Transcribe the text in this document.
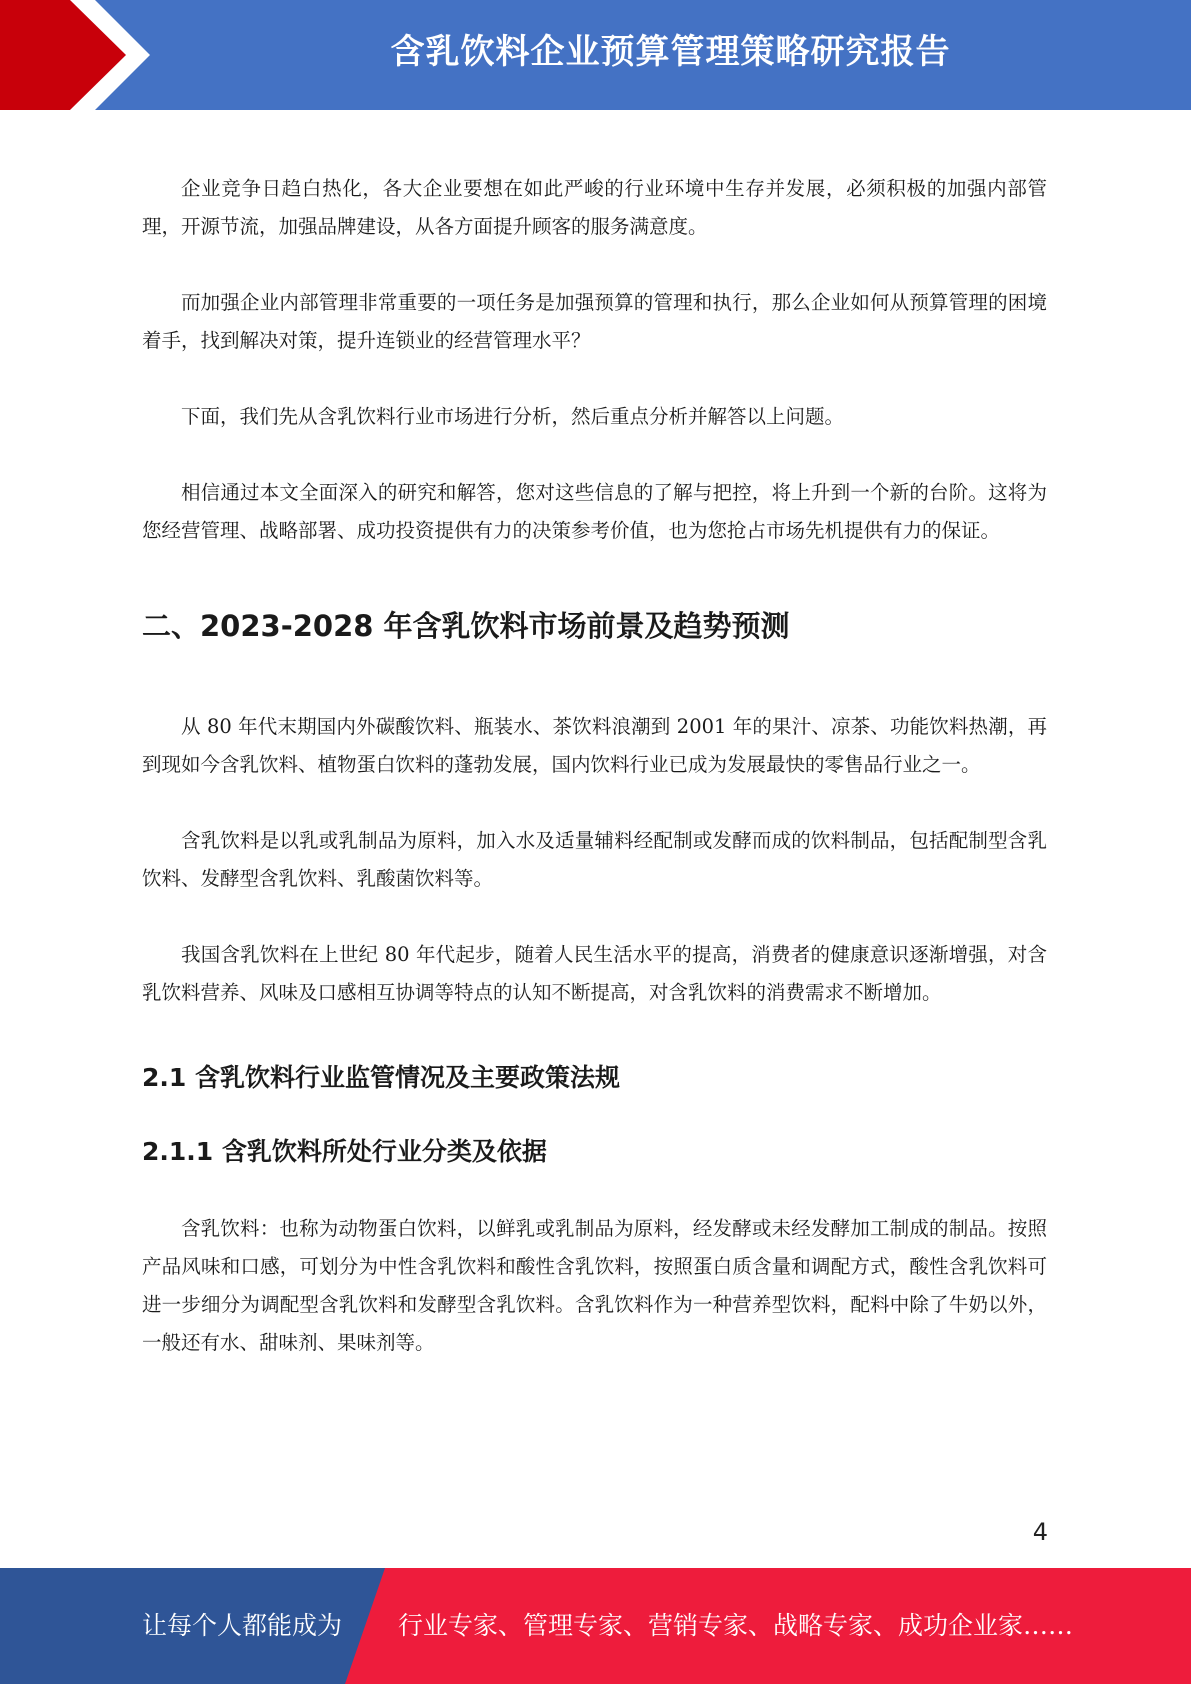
含乳饮料企业预算管理策略研究报告

企业竞争日趋白热化，各大企业要想在如此严峻的行业环境中生存并发展，必须积极的加强内部管理，开源节流，加强品牌建设，从各方面提升顾客的服务满意度。

而加强企业内部管理非常重要的一项任务是加强预算的管理和执行，那么企业如何从预算管理的困境着手，找到解决对策，提升连锁业的经营管理水平？

下面，我们先从含乳饮料行业市场进行分析，然后重点分析并解答以上问题。

相信通过本文全面深入的研究和解答，您对这些信息的了解与把控，将上升到一个新的台阶。这将为您经营管理、战略部署、成功投资提供有力的决策参考价值，也为您抢占市场先机提供有力的保证。

二、2023-2028 年含乳饮料市场前景及趋势预测

从 80 年代末期国内外碳酸饮料、瓶装水、茶饮料浪潮到 2001 年的果汁、凉茶、功能饮料热潮，再到现如今含乳饮料、植物蛋白饮料的蓬勃发展，国内饮料行业已成为发展最快的零售品行业之一。

含乳饮料是以乳或乳制品为原料，加入水及适量辅料经配制或发酵而成的饮料制品，包括配制型含乳饮料、发酵型含乳饮料、乳酸菌饮料等。

我国含乳饮料在上世纪 80 年代起步，随着人民生活水平的提高，消费者的健康意识逐渐增强，对含乳饮料营养、风味及口感相互协调等特点的认知不断提高，对含乳饮料的消费需求不断增加。

2.1 含乳饮料行业监管情况及主要政策法规
2.1.1 含乳饮料所处行业分类及依据

含乳饮料：也称为动物蛋白饮料，以鲜乳或乳制品为原料，经发酵或未经发酵加工制成的制品。按照产品风味和口感，可划分为中性含乳饮料和酸性含乳饮料，按照蛋白质含量和调配方式，酸性含乳饮料可进一步细分为调配型含乳饮料和发酵型含乳饮料。含乳饮料作为一种营养型饮料，配料中除了牛奶以外，一般还有水、甜味剂、果味剂等。

4
让每个人都能成为 行业专家、管理专家、营销专家、战略专家、成功企业家……
